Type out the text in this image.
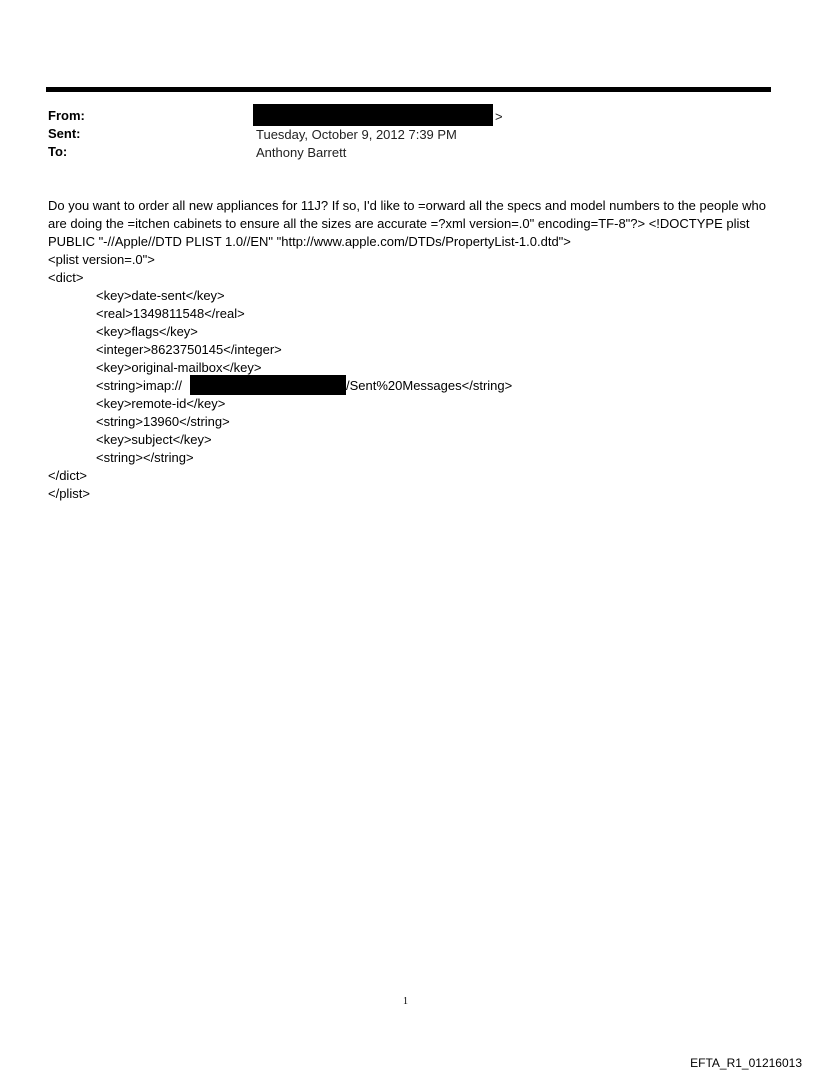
From:	>
Sent:	Tuesday, October 9, 2012 7:39 PM
To:	Anthony Barrett

Do you want to order all new appliances for 11J? If so, I'd like to =orward all the specs and model numbers to the people who are doing the =itchen cabinets to ensure all the sizes are accurate =?xml version=.0" encoding=TF-8"?> <!DOCTYPE plist PUBLIC "-//Apple//DTD PLIST 1.0//EN" "http://www.apple.com/DTDs/PropertyList-1.0.dtd">

<plist version=.0">
<dict>
<key>date-sent</key>
<real>1349811548</real>
<key>flags</key>
<integer>8623750145</integer>
<key>original-mailbox</key>
<string>imap://	/Sent%20Messages</string>
<key>remote-id</key>
<string>13960</string>
<key>subject</key>
<string></string>
</dict>
</plist>
1
EFTA_R1_01216013
